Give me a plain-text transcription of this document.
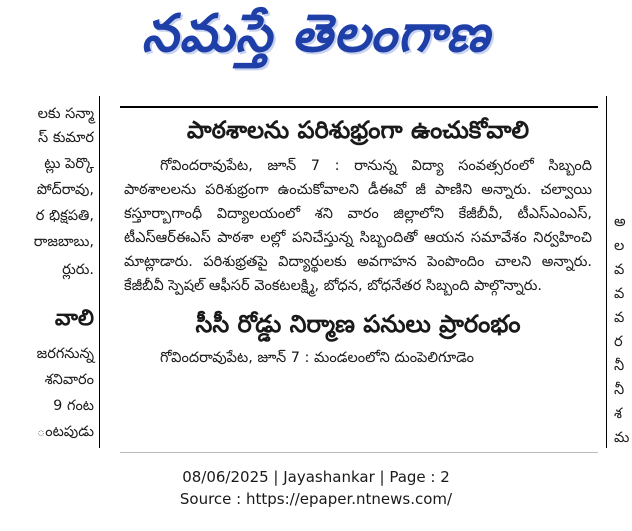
నమస్తే తెలంగాణ
లకు సన్మా
స్ కుమార
ట్లు పెర్కొ
పోద్‌రావు,
ర భిక్షపతి,
రాజబాబు,
ర్లురు.
వాలి
జరగనున్న
శనివారం
9 గంట
ంటపుడు
పాఠశాలను పరిశుభ్రంగా ఉంచుకోవాలి

గోవిందరావుపేట, జూన్ 7 : రానున్న విద్యా సంవత్సరంలో సిబ్బంది పాఠశాలలను పరిశుభ్రంగా ఉంచుకోవాలని డీఈవో జీ పాణిని అన్నారు. చల్వాయి కస్తూర్బాగాంధీ విద్యాలయంలో శని వారం జిల్లాలోని కేజీబీవీ, టీఎస్ఎంఎస్, టీఎస్ఆర్ఈఎస్ పాఠశా లల్లో పనిచేస్తున్న సిబ్బందితో ఆయన సమావేశం నిర్వహించి మాట్లాడారు. పరిశుభ్రతపై విద్యార్థులకు అవగాహన పెంపొందిం చాలని అన్నారు. కేజీబీవీ స్పెషల్ ఆఫీసర్ వెంకటలక్ష్మి, బోధన, బోధనేతర సిబ్బంది పాల్గొన్నారు.

సీసీ రోడ్డు నిర్మాణ పనులు ప్రారంభం

గోవిందరావుపేట, జూన్ 7 : మండలంలోని దుంపెలిగూడెం

అ
ల
వ
వ
వ
ర
నీ
నీ
శ
మ
08/06/2025 | Jayashankar | Page : 2
Source : https://epaper.ntnews.com/
